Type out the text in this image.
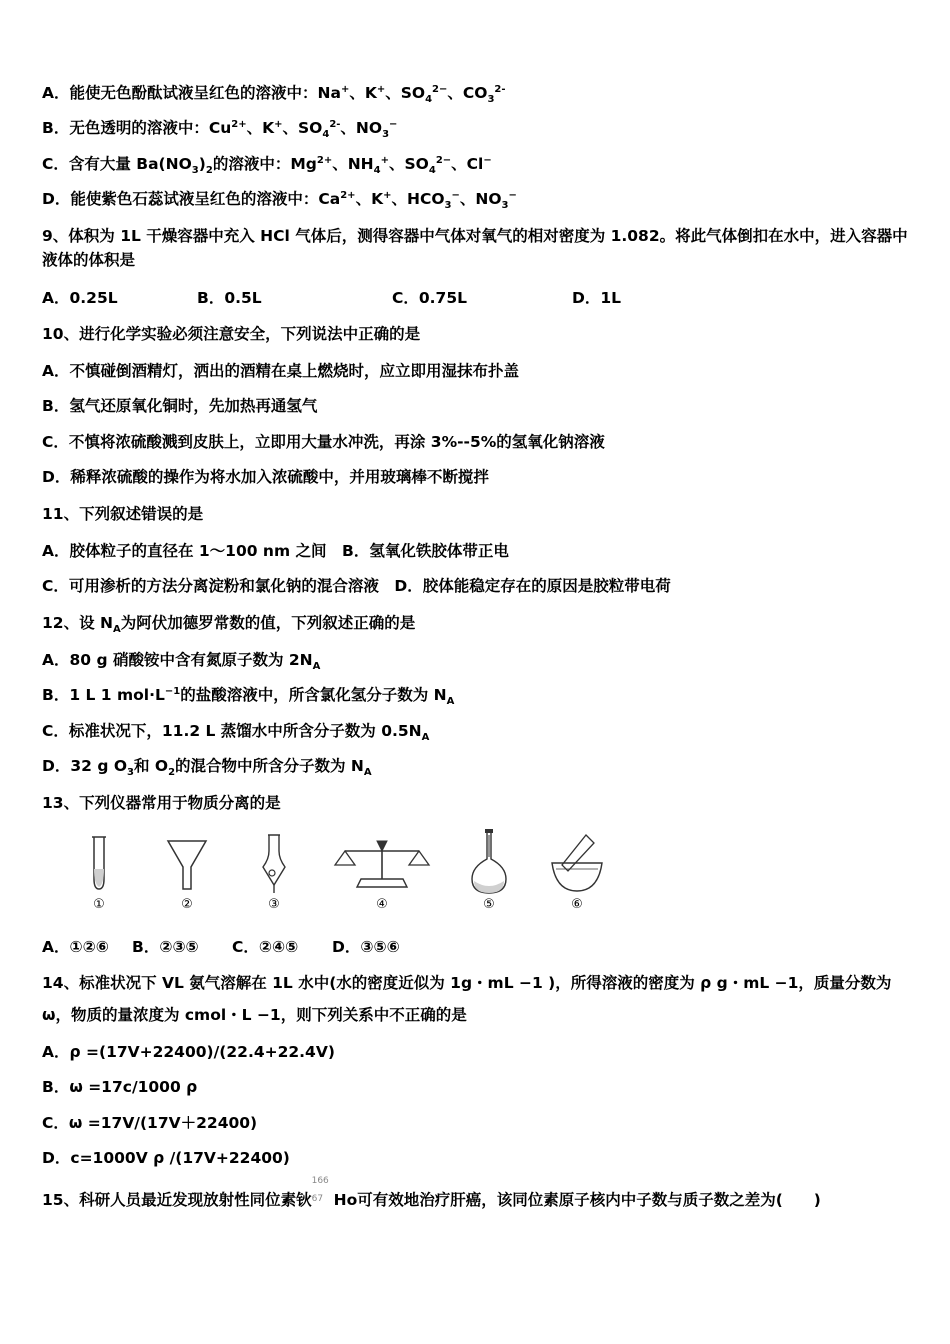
A．能使无色酚酞试液呈红色的溶液中：Na+、K+、$SO_4^{2-}$、$CO_3^{2-}$
B．无色透明的溶液中：$Cu^{2+}$、K+、$SO_4^{2-}$、$NO_3^-$
C．含有大量 $Ba(NO_3)_2$的溶液中：$Mg^{2+}$、$NH_4^+$、$SO_4^{2-}$、Cl−
D．能使紫色石蕊试液呈红色的溶液中：$Ca^{2+}$、K+、$HCO_3^-$、$NO_3^-$
9、体积为 1L 干燥容器中充入 HCl 气体后，测得容器中气体对氧气的相对密度为 1.082。将此气体倒扣在水中，进入容器中液体的体积是
A．0.25L	B．0.5L	C．0.75L	D．1L
10、进行化学实验必须注意安全，下列说法中正确的是
A．不慎碰倒酒精灯，洒出的酒精在桌上燃烧时，应立即用湿抹布扑盖
B．氢气还原氧化铜时，先加热再通氢气
C．不慎将浓硫酸溅到皮肤上，立即用大量水冲洗，再涂 3%--5%的氢氧化钠溶液
D．稀释浓硫酸的操作为将水加入浓硫酸中，并用玻璃棒不断搅拌
11、下列叙述错误的是
A．胶体粒子的直径在 1～100 nm 之间　B．氢氧化铁胶体带正电
C．可用渗析的方法分离淀粉和氯化钠的混合溶液　D．胶体能稳定存在的原因是胶粒带电荷
12、设 $N_A$为阿伏加德罗常数的值，下列叙述正确的是
A．80 g 硝酸铵中含有氮原子数为 $2N_A$
B．1 L 1 $mol\cdot L^{-1}$的盐酸溶液中，所含氯化氢分子数为 $N_A$
C．标准状况下，11.2 L 蒸馏水中所含分子数为 $0.5N_A$
D．32 g $O_3$和 $O_2$的混合物中所含分子数为 $N_A$
13、下列仪器常用于物质分离的是
①	②	③	④	⑤	⑥
A．①②⑥ B．②③⑤ C．②④⑤ D．③⑤⑥
14、标准状况下 VL 氨气溶解在 1L 水中(水的密度近似为 1g・mL −1 )，所得溶液的密度为 ρ g・mL −1，质量分数为
ω，物质的量浓度为 cmol・L −1，则下列关系中不正确的是
A．ρ =(17V+22400)/(22.4+22.4V)
B．ω =17c/1000 ρ
C．ω =17V/(17V＋22400)
D．c=1000V ρ /(17V+22400)
15、科研人员最近发现放射性同位素钬
166
67 Ho可有效地治疗肝癌，该同位素原子核内中子数与质子数之差为(　　)
